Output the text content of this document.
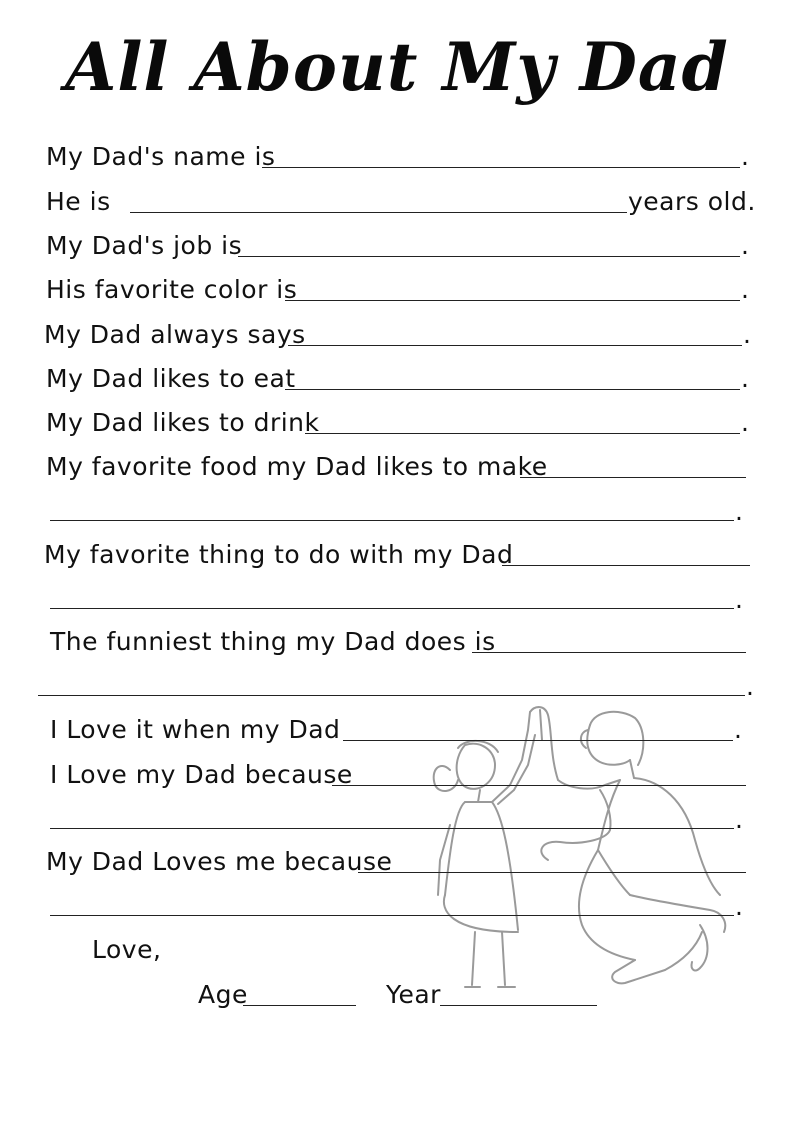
All About My Dad
My Dad's name is	.
He is	years old.
My Dad's job is	.
His favorite color is	.
My Dad always says	.
My Dad likes to eat	.
My Dad likes to drink	.
My favorite food my Dad likes to make
.
My favorite thing to do with my Dad
.
The funniest thing my Dad does is
.
I Love it when my Dad	.
I Love my Dad because
.
My Dad Loves me because
.
Love,
Age	Year
